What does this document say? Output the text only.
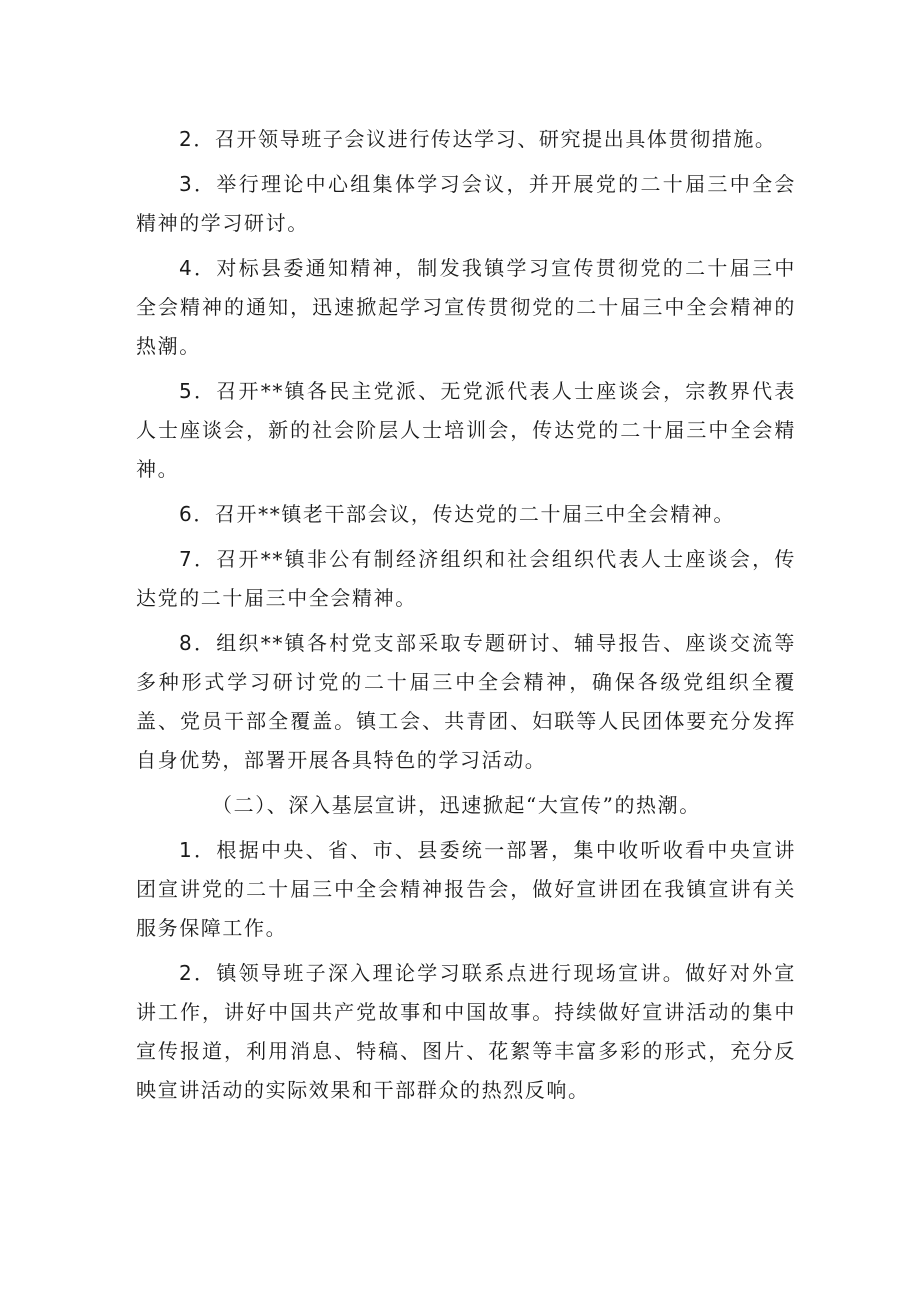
2．召开领导班子会议进行传达学习、研究提出具体贯彻措施。

3．举行理论中心组集体学习会议，并开展党的二十届三中全会精神的学习研讨。

4．对标县委通知精神，制发我镇学习宣传贯彻党的二十届三中全会精神的通知，迅速掀起学习宣传贯彻党的二十届三中全会精神的热潮。

5．召开**镇各民主党派、无党派代表人士座谈会，宗教界代表人士座谈会，新的社会阶层人士培训会，传达党的二十届三中全会精神。

6．召开**镇老干部会议，传达党的二十届三中全会精神。

7．召开**镇非公有制经济组织和社会组织代表人士座谈会，传达党的二十届三中全会精神。

8．组织**镇各村党支部采取专题研讨、辅导报告、座谈交流等多种形式学习研讨党的二十届三中全会精神，确保各级党组织全覆盖、党员干部全覆盖。镇工会、共青团、妇联等人民团体要充分发挥自身优势，部署开展各具特色的学习活动。

（二）、深入基层宣讲，迅速掀起“大宣传”的热潮。

1．根据中央、省、市、县委统一部署，集中收听收看中央宣讲团宣讲党的二十届三中全会精神报告会，做好宣讲团在我镇宣讲有关服务保障工作。

2．镇领导班子深入理论学习联系点进行现场宣讲。做好对外宣讲工作，讲好中国共产党故事和中国故事。持续做好宣讲活动的集中宣传报道，利用消息、特稿、图片、花絮等丰富多彩的形式，充分反映宣讲活动的实际效果和干部群众的热烈反响。
